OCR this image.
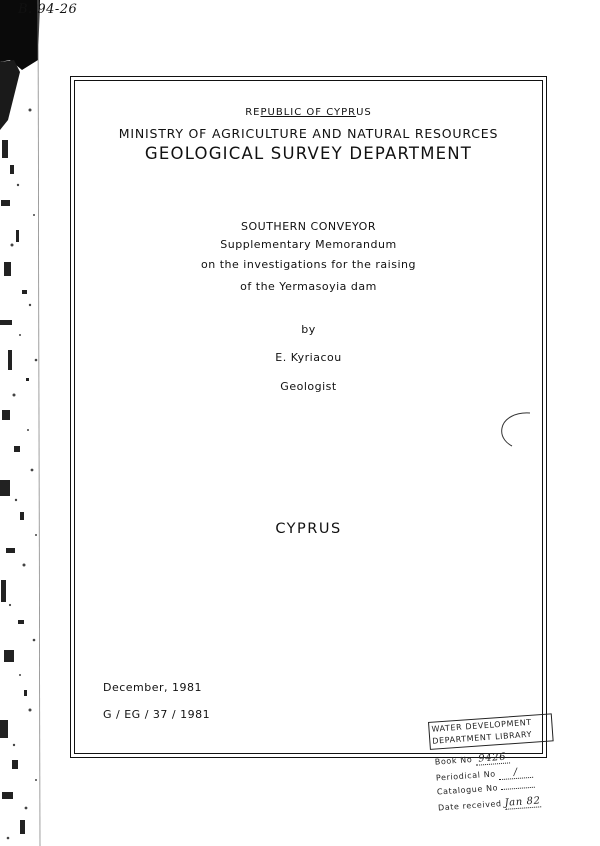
B. 94-26
REPUBLIC OF CYPRUS
MINISTRY OF AGRICULTURE AND NATURAL RESOURCES
GEOLOGICAL SURVEY DEPARTMENT
SOUTHERN CONVEYOR
Supplementary Memorandum
on the investigations for the raising
of the Yermasoyia dam
by
E. Kyriacou
Geologist
CYPRUS
December, 1981
G / EG / 37 / 1981
WATER DEVELOPMENT
DEPARTMENT LIBRARY
Book No 9426
Periodical No /
Catalogue No
Date received Jan 82
